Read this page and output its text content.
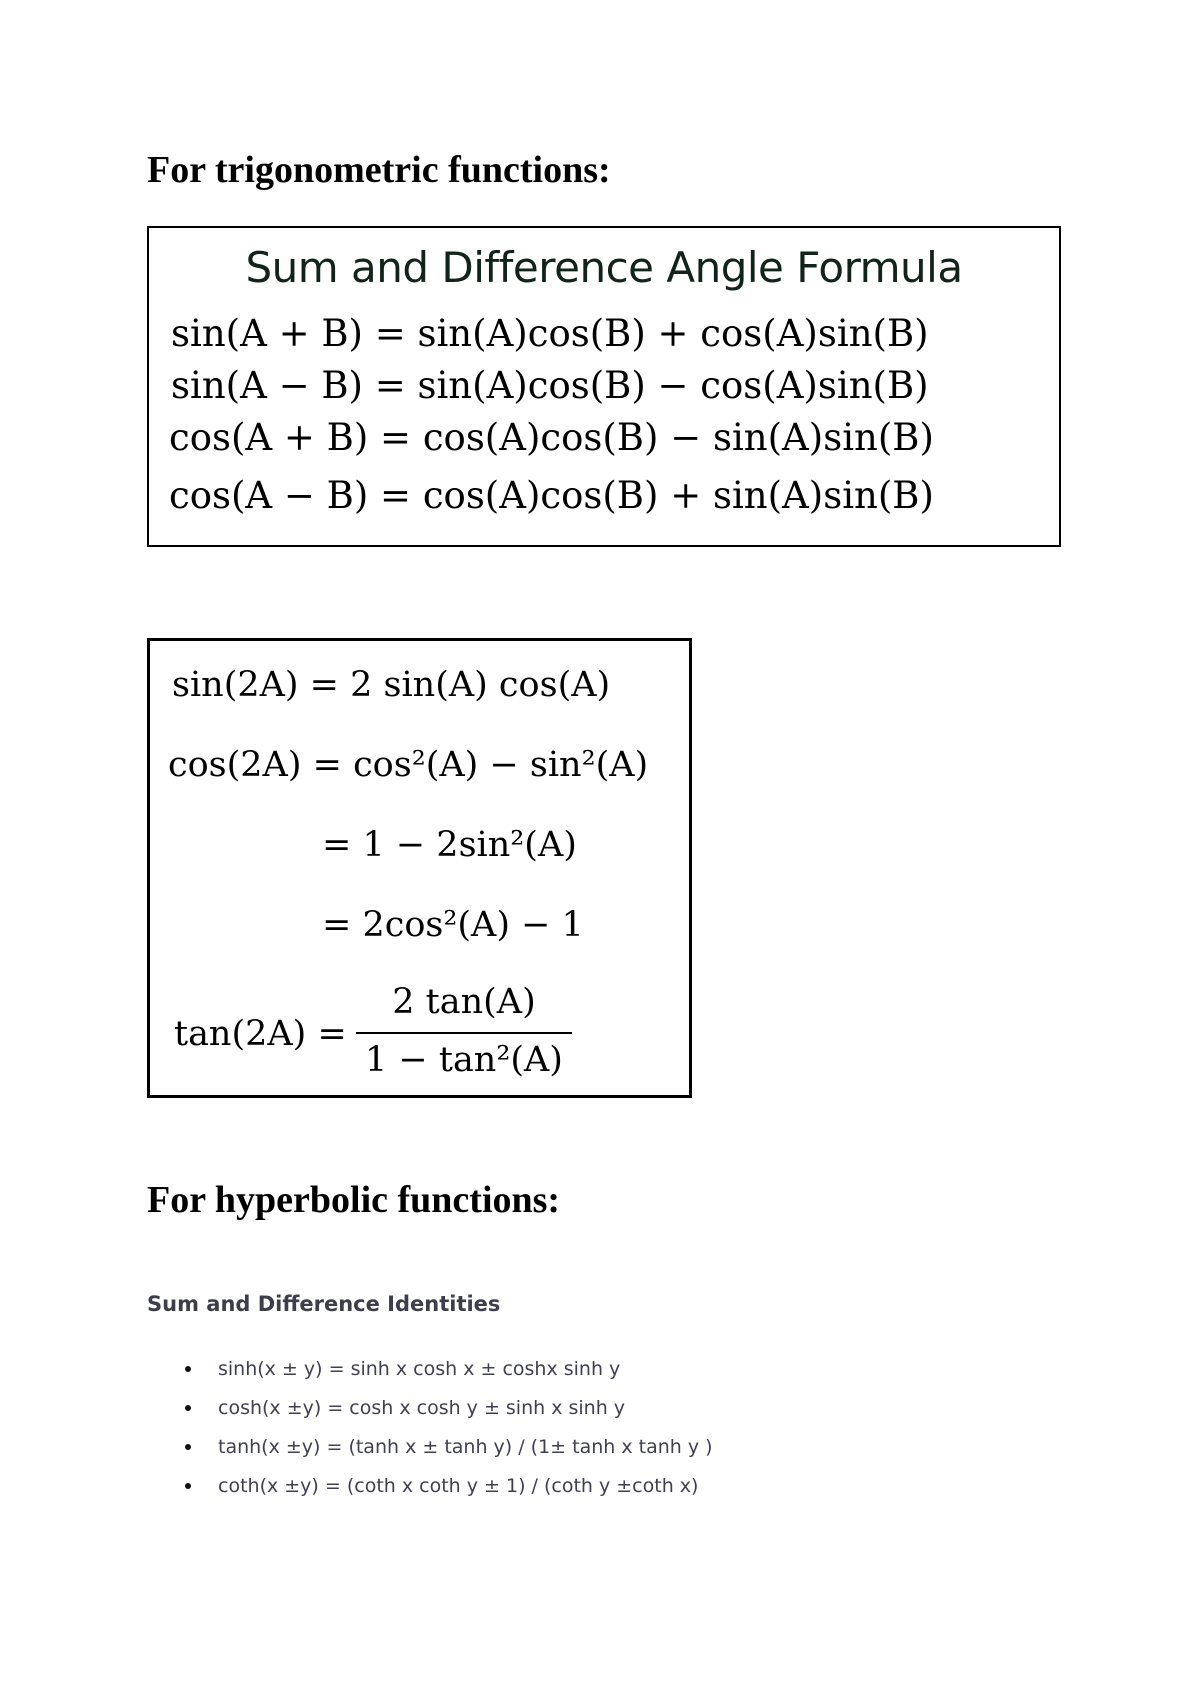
For trigonometric functions:
Sum and Difference Angle Formula
sin(A + B) = sin(A)cos(B) + cos(A)sin(B)
sin(A − B) = sin(A)cos(B) − cos(A)sin(B)
cos(A + B) = cos(A)cos(B) − sin(A)sin(B)
cos(A − B) = cos(A)cos(B) + sin(A)sin(B)
sin(2A) = 2 sin(A) cos(A)
cos(2A) = cos²(A) − sin²(A)
= 1 − 2sin²(A)
= 2cos²(A) − 1
tan(2A) =
2 tan(A)
1 − tan²(A)
For hyperbolic functions:
Sum and Difference Identities
sinh(x ± y) = sinh x cosh x ± coshx sinh y
cosh(x ±y) = cosh x cosh y ± sinh x sinh y
tanh(x ±y) = (tanh x ± tanh y) / (1± tanh x tanh y )
coth(x ±y) = (coth x coth y ± 1) / (coth y ±coth x)
